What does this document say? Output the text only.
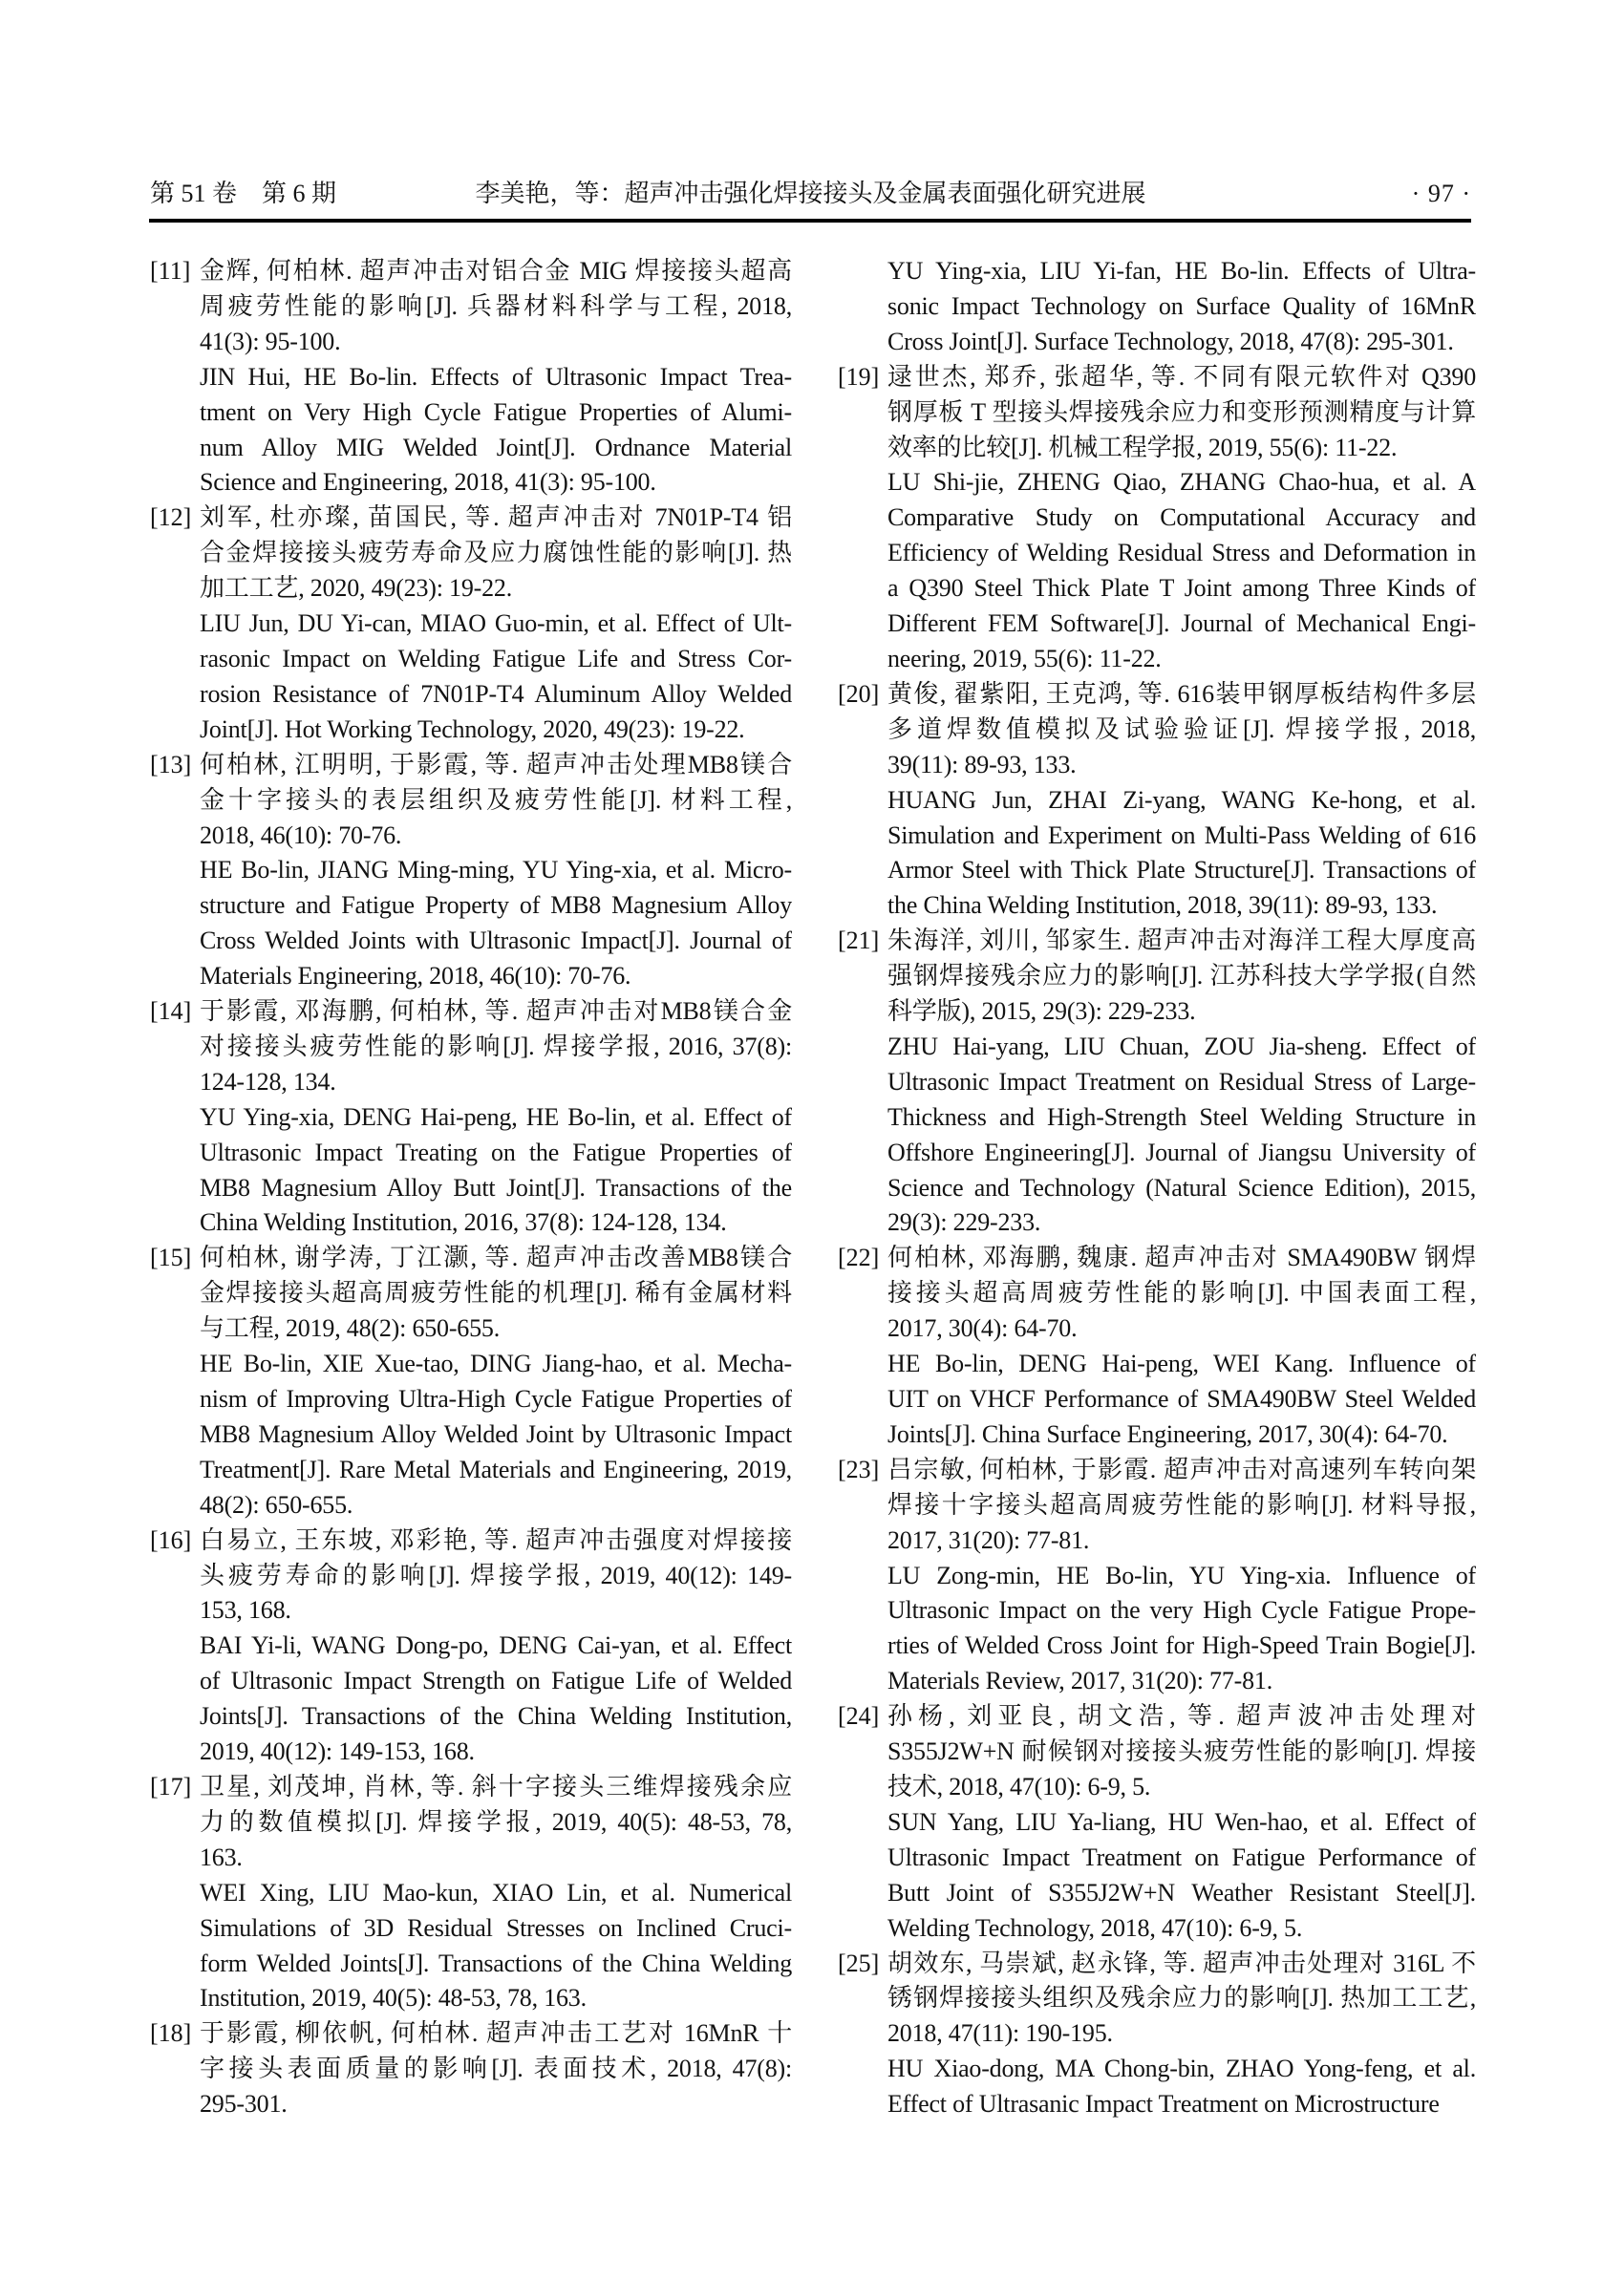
第 51 卷　第 6 期	李美艳，等：超声冲击强化焊接接头及金属表面强化研究进展	· 97 ·
[11] 金辉, 何柏林. 超声冲击对铝合金 MIG 焊接接头超高
周疲劳性能的影响[J]. 兵器材料科学与工程, 2018,
41(3): 95-100.
JIN Hui, HE Bo-lin. Effects of Ultrasonic Impact Trea-
tment on Very High Cycle Fatigue Properties of Alumi-
num Alloy MIG Welded Joint[J]. Ordnance Material
Science and Engineering, 2018, 41(3): 95-100.
[12] 刘军, 杜亦璨, 苗国民, 等. 超声冲击对 7N01P-T4 铝
合金焊接接头疲劳寿命及应力腐蚀性能的影响[J]. 热
加工工艺, 2020, 49(23): 19-22.
LIU Jun, DU Yi-can, MIAO Guo-min, et al. Effect of Ult-
rasonic Impact on Welding Fatigue Life and Stress Cor-
rosion Resistance of 7N01P-T4 Aluminum Alloy Welded
Joint[J]. Hot Working Technology, 2020, 49(23): 19-22.
[13] 何柏林, 江明明, 于影霞, 等. 超声冲击处理MB8镁合
金十字接头的表层组织及疲劳性能[J]. 材料工程,
2018, 46(10): 70-76.
HE Bo-lin, JIANG Ming-ming, YU Ying-xia, et al. Micro-
structure and Fatigue Property of MB8 Magnesium Alloy
Cross Welded Joints with Ultrasonic Impact[J]. Journal of
Materials Engineering, 2018, 46(10): 70-76.
[14] 于影霞, 邓海鹏, 何柏林, 等. 超声冲击对MB8镁合金
对接接头疲劳性能的影响[J]. 焊接学报, 2016, 37(8):
124-128, 134.
YU Ying-xia, DENG Hai-peng, HE Bo-lin, et al. Effect of
Ultrasonic Impact Treating on the Fatigue Properties of
MB8 Magnesium Alloy Butt Joint[J]. Transactions of the
China Welding Institution, 2016, 37(8): 124-128, 134.
[15] 何柏林, 谢学涛, 丁江灏, 等. 超声冲击改善MB8镁合
金焊接接头超高周疲劳性能的机理[J]. 稀有金属材料
与工程, 2019, 48(2): 650-655.
HE Bo-lin, XIE Xue-tao, DING Jiang-hao, et al. Mecha-
nism of Improving Ultra-High Cycle Fatigue Properties of
MB8 Magnesium Alloy Welded Joint by Ultrasonic Impact
Treatment[J]. Rare Metal Materials and Engineering, 2019,
48(2): 650-655.
[16] 白易立, 王东坡, 邓彩艳, 等. 超声冲击强度对焊接接
头疲劳寿命的影响[J]. 焊接学报, 2019, 40(12): 149-
153, 168.
BAI Yi-li, WANG Dong-po, DENG Cai-yan, et al. Effect
of Ultrasonic Impact Strength on Fatigue Life of Welded
Joints[J]. Transactions of the China Welding Institution,
2019, 40(12): 149-153, 168.
[17] 卫星, 刘茂坤, 肖林, 等. 斜十字接头三维焊接残余应
力的数值模拟[J]. 焊接学报, 2019, 40(5): 48-53, 78,
163.
WEI Xing, LIU Mao-kun, XIAO Lin, et al. Numerical
Simulations of 3D Residual Stresses on Inclined Cruci-
form Welded Joints[J]. Transactions of the China Welding
Institution, 2019, 40(5): 48-53, 78, 163.
[18] 于影霞, 柳依帆, 何柏林. 超声冲击工艺对 16MnR 十
字接头表面质量的影响[J]. 表面技术, 2018, 47(8):
295-301.
YU Ying-xia, LIU Yi-fan, HE Bo-lin. Effects of Ultra-
sonic Impact Technology on Surface Quality of 16MnR
Cross Joint[J]. Surface Technology, 2018, 47(8): 295-301.
[19] 逯世杰, 郑乔, 张超华, 等. 不同有限元软件对 Q390
钢厚板 T 型接头焊接残余应力和变形预测精度与计算
效率的比较[J]. 机械工程学报, 2019, 55(6): 11-22.
LU Shi-jie, ZHENG Qiao, ZHANG Chao-hua, et al. A
Comparative Study on Computational Accuracy and
Efficiency of Welding Residual Stress and Deformation in
a Q390 Steel Thick Plate T Joint among Three Kinds of
Different FEM Software[J]. Journal of Mechanical Engi-
neering, 2019, 55(6): 11-22.
[20] 黄俊, 翟紫阳, 王克鸿, 等. 616装甲钢厚板结构件多层
多道焊数值模拟及试验验证[J]. 焊接学报, 2018,
39(11): 89-93, 133.
HUANG Jun, ZHAI Zi-yang, WANG Ke-hong, et al.
Simulation and Experiment on Multi-Pass Welding of 616
Armor Steel with Thick Plate Structure[J]. Transactions of
the China Welding Institution, 2018, 39(11): 89-93, 133.
[21] 朱海洋, 刘川, 邹家生. 超声冲击对海洋工程大厚度高
强钢焊接残余应力的影响[J]. 江苏科技大学学报(自然
科学版), 2015, 29(3): 229-233.
ZHU Hai-yang, LIU Chuan, ZOU Jia-sheng. Effect of
Ultrasonic Impact Treatment on Residual Stress of Large-
Thickness and High-Strength Steel Welding Structure in
Offshore Engineering[J]. Journal of Jiangsu University of
Science and Technology (Natural Science Edition), 2015,
29(3): 229-233.
[22] 何柏林, 邓海鹏, 魏康. 超声冲击对 SMA490BW 钢焊
接接头超高周疲劳性能的影响[J]. 中国表面工程,
2017, 30(4): 64-70.
HE Bo-lin, DENG Hai-peng, WEI Kang. Influence of
UIT on VHCF Performance of SMA490BW Steel Welded
Joints[J]. China Surface Engineering, 2017, 30(4): 64-70.
[23] 吕宗敏, 何柏林, 于影霞. 超声冲击对高速列车转向架
焊接十字接头超高周疲劳性能的影响[J]. 材料导报,
2017, 31(20): 77-81.
LU Zong-min, HE Bo-lin, YU Ying-xia. Influence of
Ultrasonic Impact on the very High Cycle Fatigue Prope-
rties of Welded Cross Joint for High-Speed Train Bogie[J].
Materials Review, 2017, 31(20): 77-81.
[24] 孙杨, 刘亚良, 胡文浩, 等. 超声波冲击处理对
S355J2W+N 耐候钢对接接头疲劳性能的影响[J]. 焊接
技术, 2018, 47(10): 6-9, 5.
SUN Yang, LIU Ya-liang, HU Wen-hao, et al. Effect of
Ultrasonic Impact Treatment on Fatigue Performance of
Butt Joint of S355J2W+N Weather Resistant Steel[J].
Welding Technology, 2018, 47(10): 6-9, 5.
[25] 胡效东, 马崇斌, 赵永锋, 等. 超声冲击处理对 316L 不
锈钢焊接接头组织及残余应力的影响[J]. 热加工工艺,
2018, 47(11): 190-195.
HU Xiao-dong, MA Chong-bin, ZHAO Yong-feng, et al.
Effect of Ultrasanic Impact Treatment on Microstructure
